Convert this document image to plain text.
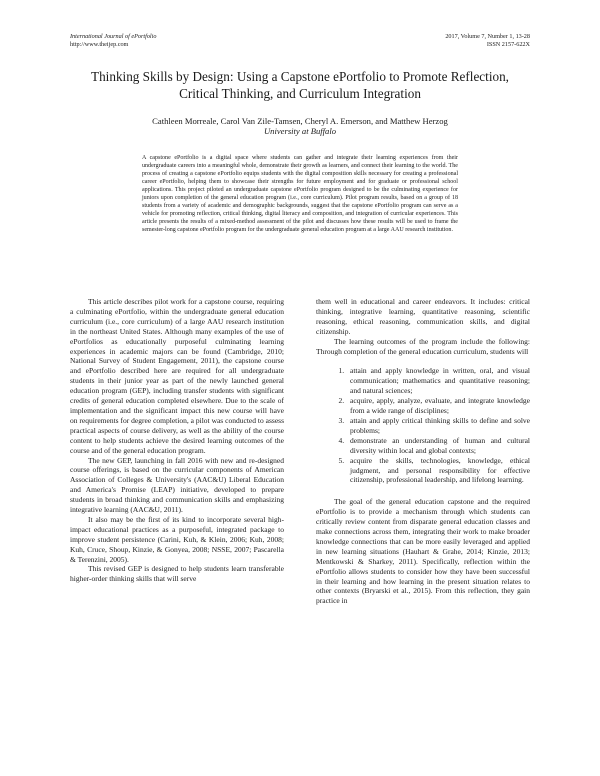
International Journal of ePortfolio
http://www.theijep.com
2017, Volume 7, Number 1, 13-28
ISSN 2157-622X
Thinking Skills by Design: Using a Capstone ePortfolio to Promote Reflection,
Critical Thinking, and Curriculum Integration
Cathleen Morreale, Carol Van Zile-Tamsen, Cheryl A. Emerson, and Matthew Herzog
University at Buffalo
A capstone ePortfolio is a digital space where students can gather and integrate their learning experiences from their undergraduate careers into a meaningful whole, demonstrate their growth as learners, and connect their learning to the world. The process of creating a capstone ePortfolio equips students with the digital composition skills necessary for creating a professional career ePortfolio, helping them to showcase their strengths for future employment and for graduate or professional school applications. This project piloted an undergraduate capstone ePortfolio program designed to be the culminating experience for juniors upon completion of the general education program (i.e., core curriculum). Pilot program results, based on a group of 18 students from a variety of academic and demographic backgrounds, suggest that the capstone ePortfolio program can serve as a vehicle for promoting reflection, critical thinking, digital literacy and composition, and integration of curricular experiences. This article presents the results of a mixed-method assessment of the pilot and discusses how these results will be used to frame the semester-long capstone ePortfolio program for the undergraduate general education program at a large AAU research institution.

This article describes pilot work for a capstone course, requiring a culminating ePortfolio, within the undergraduate general education curriculum (i.e., core curriculum) of a large AAU research institution in the northeast United States. Although many examples of the use of ePortfolios as educationally purposeful culminating learning experiences in academic majors can be found (Cambridge, 2010; National Survey of Student Engagement, 2011), the capstone course and ePortfolio described here are required for all undergraduate students in their junior year as part of the newly launched general education program (GEP), including transfer students with significant credits of general education completed elsewhere. Due to the scale of implementation and the significant impact this new course will have on requirements for degree completion, a pilot was conducted to assess practical aspects of course delivery, as well as the ability of the course content to help students achieve the desired learning outcomes of the course and of the general education program.

The new GEP, launching in fall 2016 with new and re-designed course offerings, is based on the curricular components of American Association of Colleges & University's (AAC&U) Liberal Education and America's Promise (LEAP) initiative, developed to prepare students in broad thinking and communication skills and emphasizing integrative learning (AAC&U, 2011).

It also may be the first of its kind to incorporate several high-impact educational practices as a purposeful, integrated package to improve student persistence (Carini, Kuh, & Klein, 2006; Kuh, 2008; Kuh, Cruce, Shoup, Kinzie, & Gonyea, 2008; NSSE, 2007; Pascarella & Terenzini, 2005).

This revised GEP is designed to help students learn transferable higher-order thinking skills that will serve

them well in educational and career endeavors. It includes: critical thinking, integrative learning, quantitative reasoning, scientific reasoning, ethical reasoning, communication skills, and digital citizenship.

The learning outcomes of the program include the following: Through completion of the general education curriculum, students will

1. attain and apply knowledge in written, oral, and visual communication; mathematics and quantitative reasoning; and natural sciences;
2. acquire, apply, analyze, evaluate, and integrate knowledge from a wide range of disciplines;
3. attain and apply critical thinking skills to define and solve problems;
4. demonstrate an understanding of human and cultural diversity within local and global contexts;
5. acquire the skills, technologies, knowledge, ethical judgment, and personal responsibility for effective citizenship, professional leadership, and lifelong learning.

The goal of the general education capstone and the required ePortfolio is to provide a mechanism through which students can critically review content from disparate general education classes and make connections across them, integrating their work to make broader knowledge connections that can be more easily leveraged and applied in new learning situations (Hauhart & Grahe, 2014; Kinzie, 2013; Mentkowski & Sharkey, 2011). Specifically, reflection within the ePortfolio allows students to consider how they have been successful in their learning and how learning in the present situation relates to other contexts (Bryarski et al., 2015). From this reflection, they gain practice in
